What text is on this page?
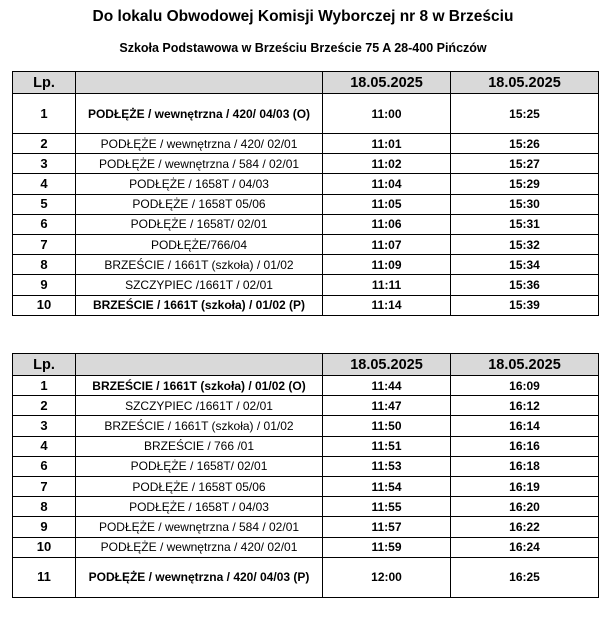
Do lokalu Obwodowej Komisji Wyborczej nr 8 w Brześciu
Szkoła Podstawowa w Brześciu Brzeście 75 A 28-400 Pińczów
Lp.		18.05.2025	18.05.2025
1	PODŁĘŻE / wewnętrzna / 420/ 04/03 (O)	11:00	15:25
2	PODŁĘŻE / wewnętrzna / 420/ 02/01	11:01	15:26
3	PODŁĘŻE / wewnętrzna / 584 / 02/01	11:02	15:27
4	PODŁĘŻE / 1658T / 04/03	11:04	15:29
5	PODŁĘŻE / 1658T 05/06	11:05	15:30
6	PODŁĘŻE / 1658T/ 02/01	11:06	15:31
7	PODŁĘŻE/766/04	11:07	15:32
8	BRZEŚCIE / 1661T (szkoła) / 01/02	11:09	15:34
9	SZCZYPIEC /1661T / 02/01	11:11	15:36
10	BRZEŚCIE / 1661T (szkoła) / 01/02 (P)	11:14	15:39
Lp.		18.05.2025	18.05.2025
1	BRZEŚCIE / 1661T (szkoła) / 01/02 (O)	11:44	16:09
2	SZCZYPIEC /1661T / 02/01	11:47	16:12
3	BRZEŚCIE / 1661T (szkoła) / 01/02	11:50	16:14
4	BRZEŚCIE / 766 /01	11:51	16:16
6	PODŁĘŻE / 1658T/ 02/01	11:53	16:18
7	PODŁĘŻE / 1658T 05/06	11:54	16:19
8	PODŁĘŻE / 1658T / 04/03	11:55	16:20
9	PODŁĘŻE / wewnętrzna / 584 / 02/01	11:57	16:22
10	PODŁĘŻE / wewnętrzna / 420/ 02/01	11:59	16:24
11	PODŁĘŻE / wewnętrzna / 420/ 04/03 (P)	12:00	16:25
